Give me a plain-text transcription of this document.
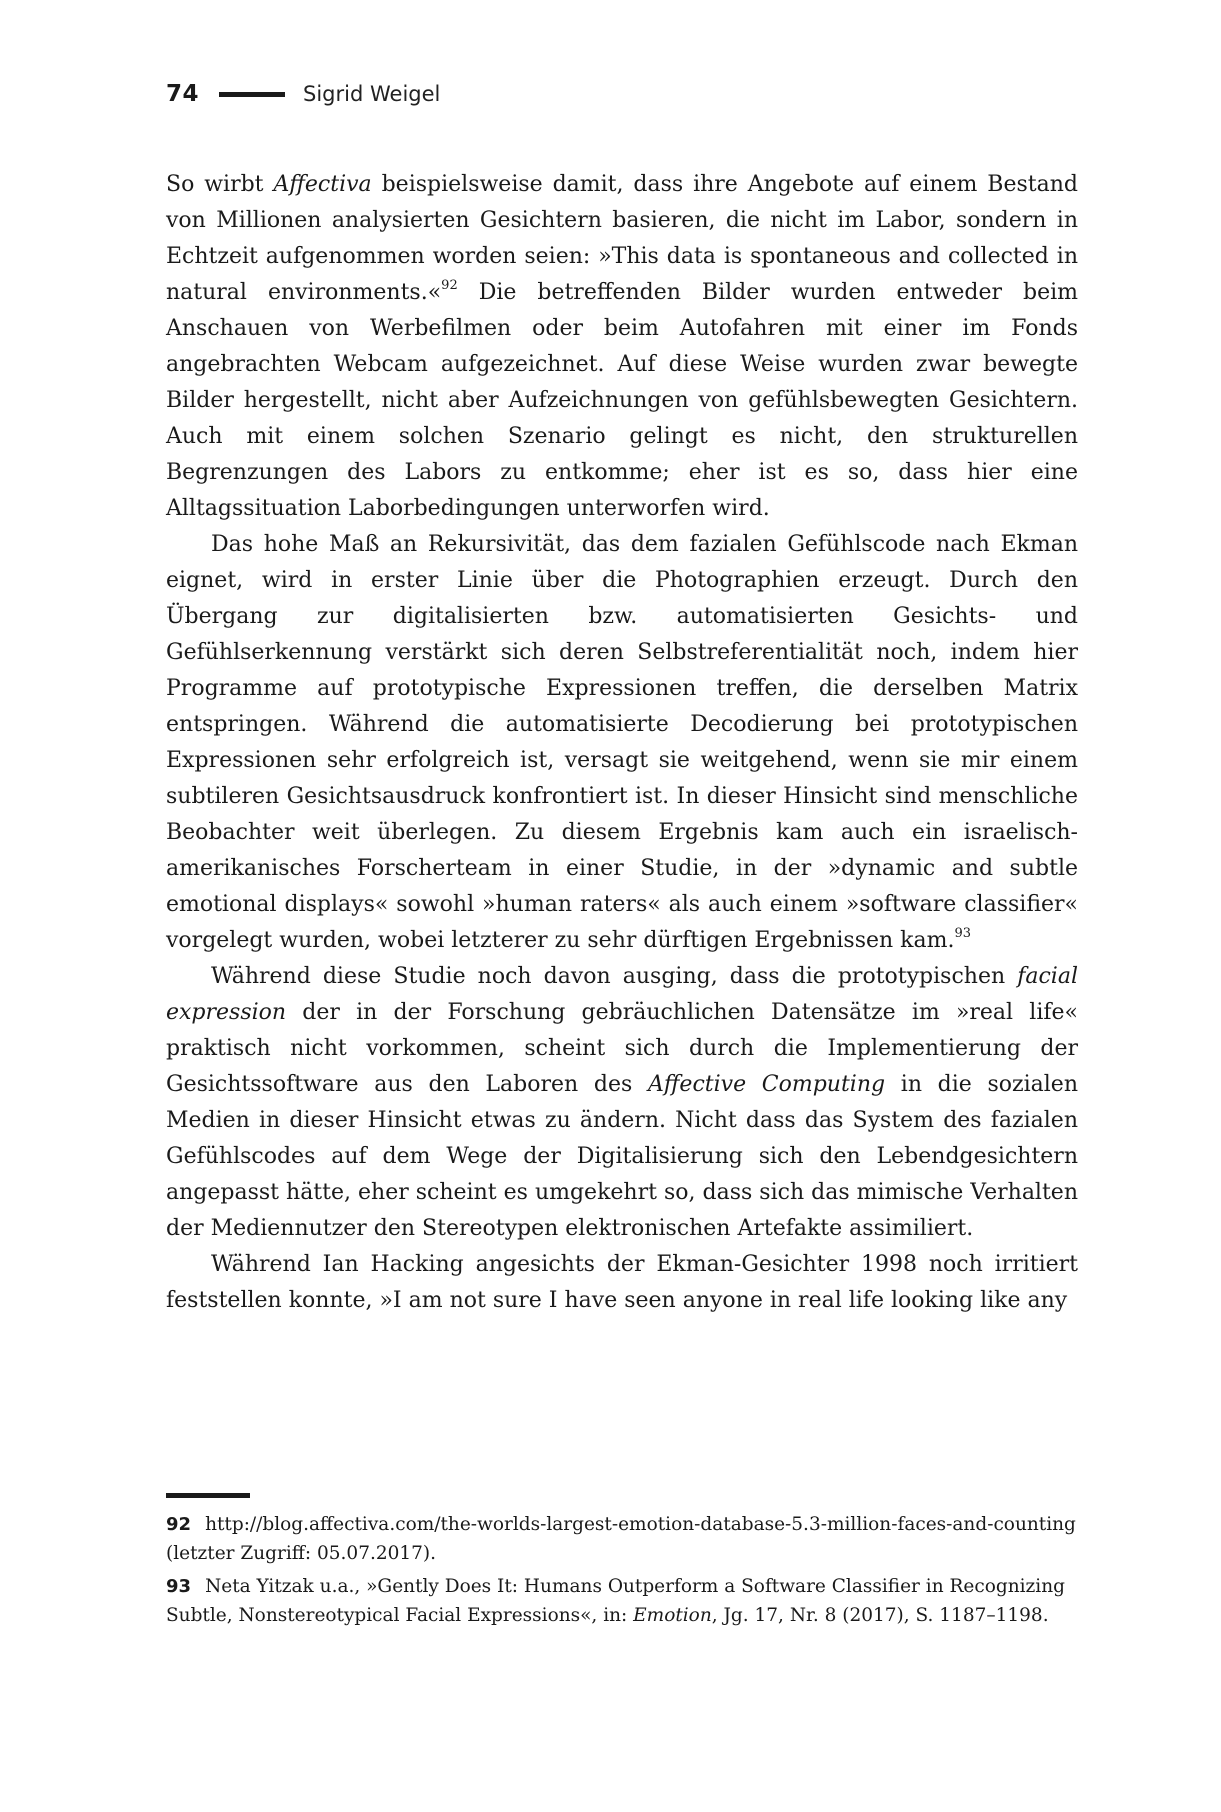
74	Sigrid Weigel

So wirbt Affectiva beispielsweise damit, dass ihre Angebote auf einem Bestand von Millionen analysierten Gesichtern basieren, die nicht im Labor, sondern in Echtzeit aufgenommen worden seien: »This data is spontaneous and collected in natural environments.«$^{92}$ Die betreffenden Bilder wurden entweder beim Anschauen von Werbefilmen oder beim Autofahren mit einer im Fonds angebrachten Webcam aufgezeichnet. Auf diese Weise wurden zwar bewegte Bilder hergestellt, nicht aber Aufzeichnungen von gefühlsbewegten Gesichtern. Auch mit einem solchen Szenario gelingt es nicht, den strukturellen Begrenzungen des Labors zu entkomme; eher ist es so, dass hier eine Alltagssituation Laborbedingungen unterworfen wird.

Das hohe Maß an Rekursivität, das dem fazialen Gefühlscode nach Ekman eignet, wird in erster Linie über die Photographien erzeugt. Durch den Übergang zur digitalisierten bzw. automatisierten Gesichts- und Gefühlserkennung verstärkt sich deren Selbstreferentialität noch, indem hier Programme auf prototypische Expressionen treffen, die derselben Matrix entspringen. Während die automatisierte Decodierung bei prototypischen Expressionen sehr erfolgreich ist, versagt sie weitgehend, wenn sie mir einem subtileren Gesichtsausdruck konfrontiert ist. In dieser Hinsicht sind menschliche Beobachter weit überlegen. Zu diesem Ergebnis kam auch ein israelisch-amerikanisches Forscherteam in einer Studie, in der »dynamic and subtle emotional displays« sowohl »human raters« als auch einem »software classifier« vorgelegt wurden, wobei letzterer zu sehr dürftigen Ergebnissen kam.$^{93}$

Während diese Studie noch davon ausging, dass die prototypischen facial expression der in der Forschung gebräuchlichen Datensätze im »real life« praktisch nicht vorkommen, scheint sich durch die Implementierung der Gesichtssoftware aus den Laboren des Affective Computing in die sozialen Medien in dieser Hinsicht etwas zu ändern. Nicht dass das System des fazialen Gefühlscodes auf dem Wege der Digitalisierung sich den Lebendgesichtern angepasst hätte, eher scheint es umgekehrt so, dass sich das mimische Verhalten der Mediennutzer den Stereotypen elektronischen Artefakte assimiliert.

Während Ian Hacking angesichts der Ekman-Gesichter 1998 noch irritiert feststellen konnte, »I am not sure I have seen anyone in real life looking like any

92 http://blog.affectiva.com/the-worlds-largest-emotion-database-5.3-million-faces-and-counting (letzter Zugriff: 05.07.2017).

93 Neta Yitzak u.a., »Gently Does It: Humans Outperform a Software Classifier in Recognizing Subtle, Nonstereotypical Facial Expressions«, in: Emotion, Jg. 17, Nr. 8 (2017), S. 1187–1198.
